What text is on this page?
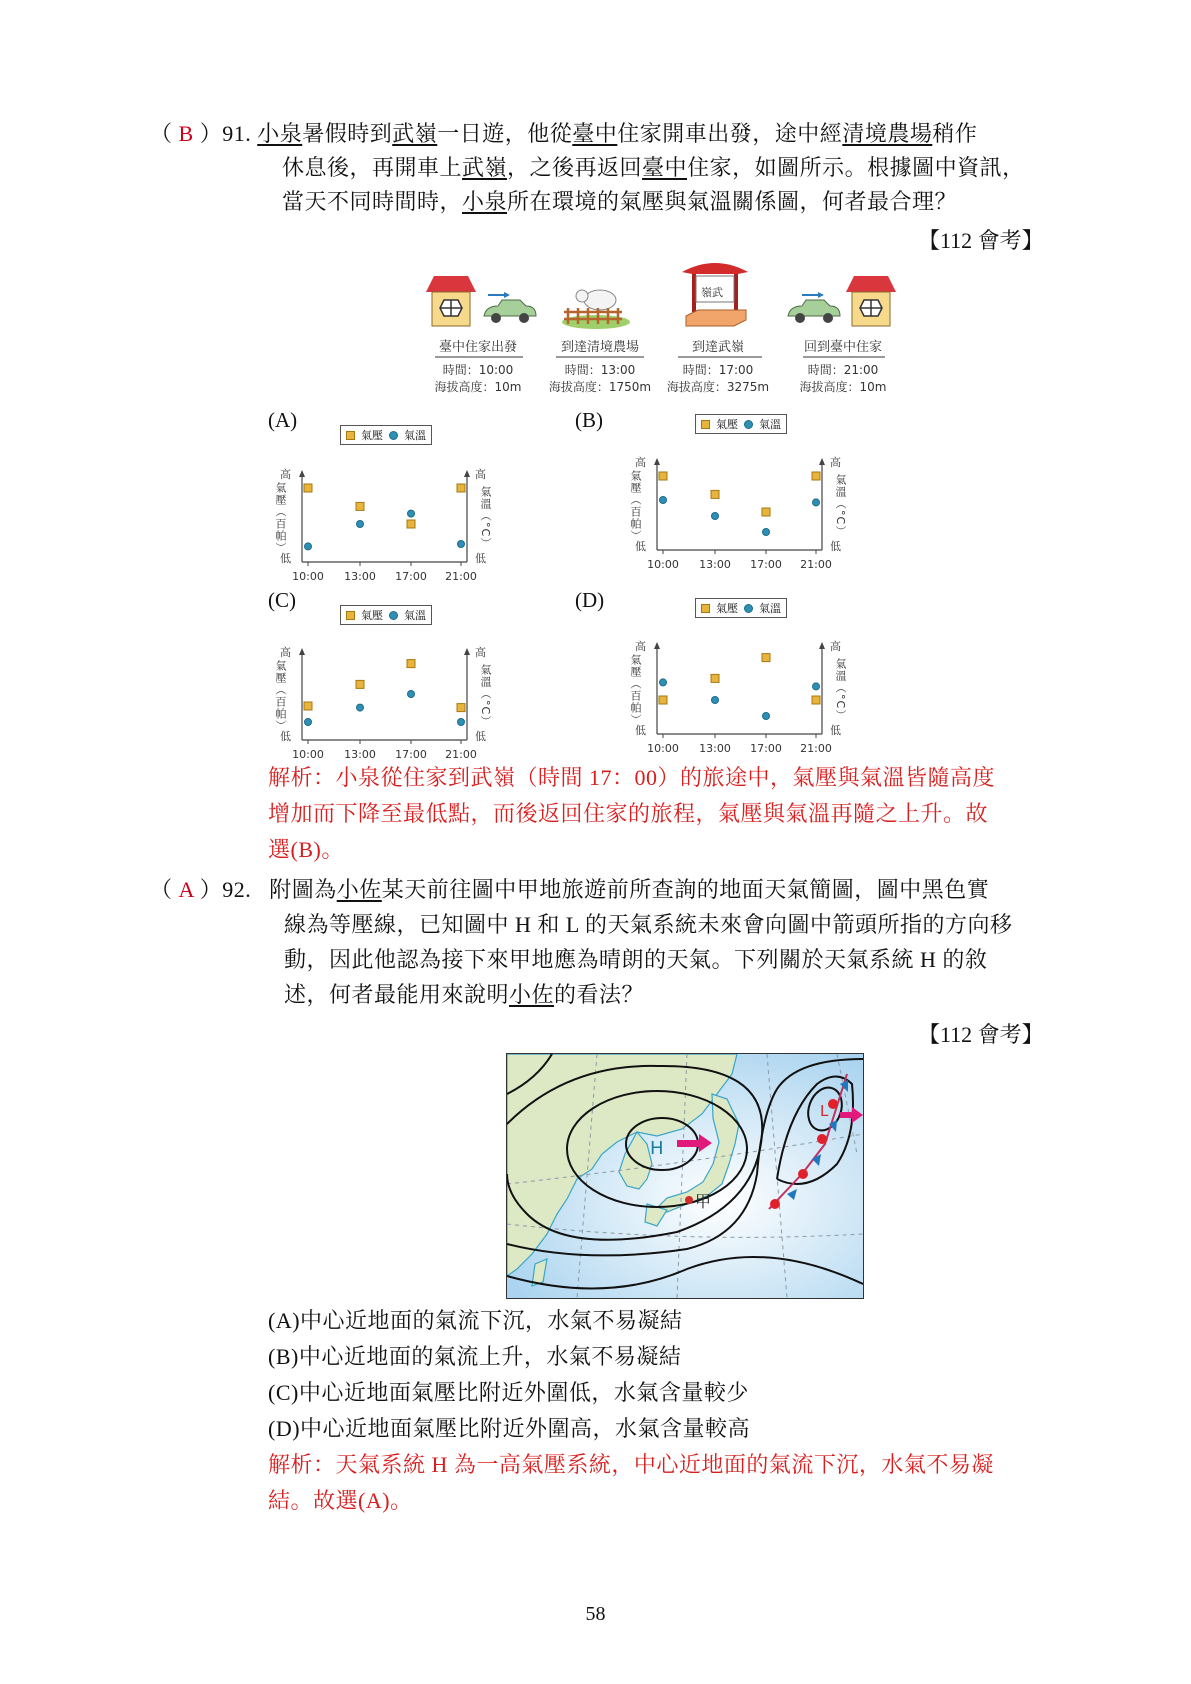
（ B ）91. 小泉暑假時到武嶺一日遊，他從臺中住家開車出發，途中經清境農場稍作
休息後，再開車上武嶺，之後再返回臺中住家，如圖所示。根據圖中資訊，
當天不同時間時，小泉所在環境的氣壓與氣溫關係圖，何者最合理？
【112 會考】
嶺武
臺中住家出發
時間：10:00
海拔高度：10m
到達清境農場
時間：13:00
海拔高度：1750m
到達武嶺
時間：17:00
海拔高度：3275m
回到臺中住家
時間：21:00
海拔高度：10m
(A)	(B)
(C)	(D)
氣壓 氣溫
高
低
高
低
氣壓（百帕）	氣溫（°C）
10:00 13:00 17:00 21:00
氣壓 氣溫
高
低
高
低
氣壓（百帕）	氣溫（°C）
10:00 13:00 17:00 21:00
氣壓 氣溫
高
低
高
低
氣壓（百帕）	氣溫（°C）
10:00 13:00 17:00 21:00
氣壓 氣溫
高
低
高
低
氣壓（百帕）	氣溫（°C）
10:00 13:00 17:00 21:00
解析：小泉從住家到武嶺（時間 17：00）的旅途中，氣壓與氣溫皆隨高度
增加而下降至最低點，而後返回住家的旅程，氣壓與氣溫再隨之上升。故
選(B)。
（ A ）92. 附圖為小佐某天前往圖中甲地旅遊前所查詢的地面天氣簡圖，圖中黑色實
線為等壓線，已知圖中 H 和 L 的天氣系統未來會向圖中箭頭所指的方向移
動，因此他認為接下來甲地應為晴朗的天氣。下列關於天氣系統 H 的敘
述，何者最能用來說明小佐的看法？
【112 會考】
H
L
甲
(A)中心近地面的氣流下沉，水氣不易凝結
(B)中心近地面的氣流上升，水氣不易凝結
(C)中心近地面氣壓比附近外圍低，水氣含量較少
(D)中心近地面氣壓比附近外圍高，水氣含量較高
解析：天氣系統 H 為一高氣壓系統，中心近地面的氣流下沉，水氣不易凝
結。故選(A)。
58
